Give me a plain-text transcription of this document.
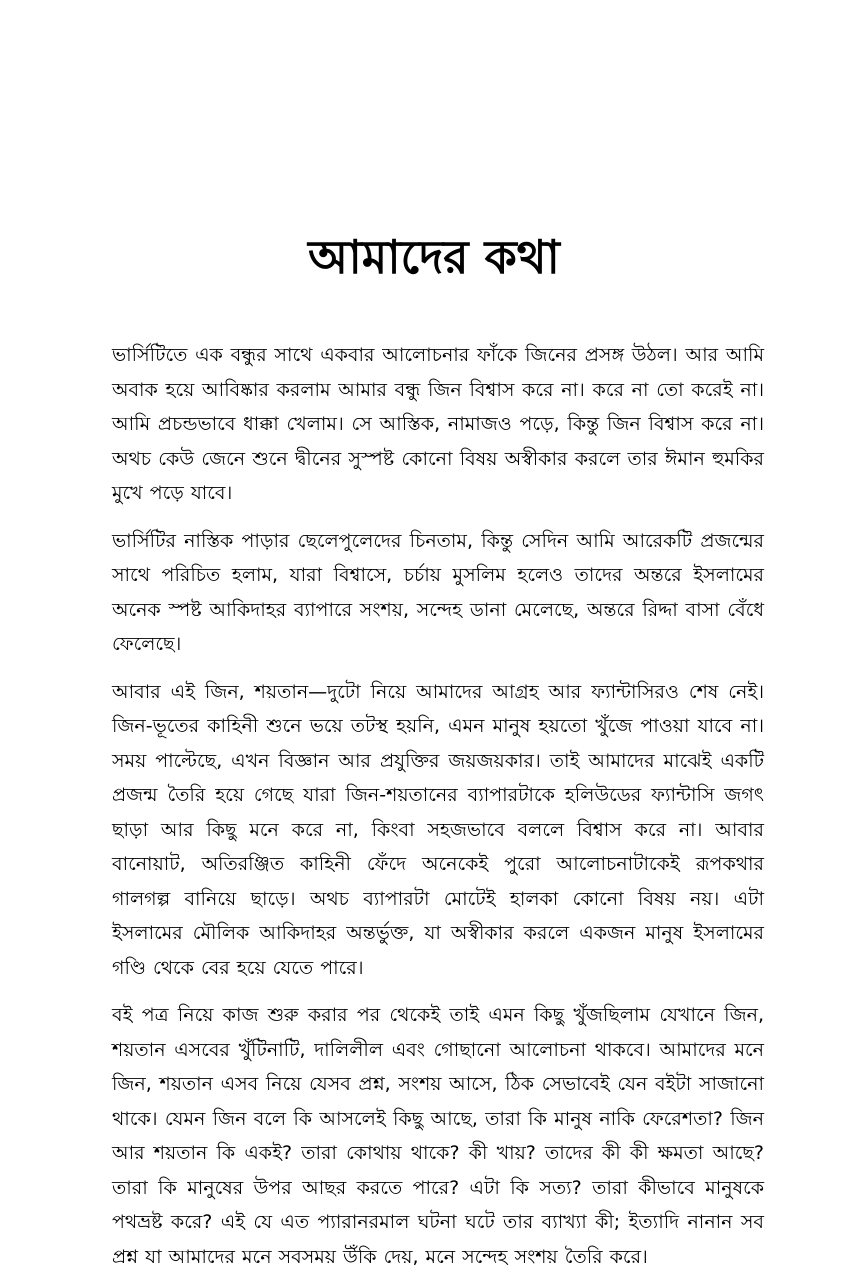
আমাদের কথা

ভার্সিটিতে এক বন্ধুর সাথে একবার আলোচনার ফাঁকে জিনের প্রসঙ্গ উঠল। আর আমি অবাক হয়ে আবিষ্কার করলাম আমার বন্ধু জিন বিশ্বাস করে না। করে না তো করেই না। আমি প্রচন্ডভাবে ধাক্কা খেলাম। সে আস্তিক, নামাজও পড়ে, কিন্তু জিন বিশ্বাস করে না। অথচ কেউ জেনে শুনে দ্বীনের সুস্পষ্ট কোনো বিষয় অস্বীকার করলে তার ঈমান হুমকির মুখে পড়ে যাবে।

ভার্সিটির নাস্তিক পাড়ার ছেলেপুলেদের চিনতাম, কিন্তু সেদিন আমি আরেকটি প্রজন্মের সাথে পরিচিত হলাম, যারা বিশ্বাসে, চর্চায় মুসলিম হলেও তাদের অন্তরে ইসলামের অনেক স্পষ্ট আকিদাহর ব্যাপারে সংশয়, সন্দেহ ডানা মেলেছে, অন্তরে রিদ্দা বাসা বেঁধে ফেলেছে।

আবার এই জিন, শয়তান—দুটো নিয়ে আমাদের আগ্রহ আর ফ্যান্টাসিরও শেষ নেই। জিন-ভূতের কাহিনী শুনে ভয়ে তটস্থ হয়নি, এমন মানুষ হয়তো খুঁজে পাওয়া যাবে না। সময় পাল্টেছে, এখন বিজ্ঞান আর প্রযুক্তির জয়জয়কার। তাই আমাদের মাঝেই একটি প্রজন্ম তৈরি হয়ে গেছে যারা জিন-শয়তানের ব্যাপারটাকে হলিউডের ফ্যান্টাসি জগৎ ছাড়া আর কিছু মনে করে না, কিংবা সহজভাবে বললে বিশ্বাস করে না। আবার বানোয়াট, অতিরঞ্জিত কাহিনী ফেঁদে অনেকেই পুরো আলোচনাটাকেই রূপকথার গালগল্প বানিয়ে ছাড়ে। অথচ ব্যাপারটা মোটেই হালকা কোনো বিষয় নয়। এটা ইসলামের মৌলিক আকিদাহর অন্তর্ভুক্ত, যা অস্বীকার করলে একজন মানুষ ইসলামের গণ্ডি থেকে বের হয়ে যেতে পারে।

বই পত্র নিয়ে কাজ শুরু করার পর থেকেই তাই এমন কিছু খুঁজছিলাম যেখানে জিন, শয়তান এসবের খুঁটিনাটি, দালিলীল এবং গোছানো আলোচনা থাকবে। আমাদের মনে জিন, শয়তান এসব নিয়ে যেসব প্রশ্ন, সংশয় আসে, ঠিক সেভাবেই যেন বইটা সাজানো থাকে। যেমন জিন বলে কি আসলেই কিছু আছে, তারা কি মানুষ নাকি ফেরেশতা? জিন আর শয়তান কি একই? তারা কোথায় থাকে? কী খায়? তাদের কী কী ক্ষমতা আছে? তারা কি মানুষের উপর আছর করতে পারে? এটা কি সত্য? তারা কীভাবে মানুষকে পথভ্রষ্ট করে? এই যে এত প্যারানরমাল ঘটনা ঘটে তার ব্যাখ্যা কী; ইত্যাদি নানান সব প্রশ্ন যা আমাদের মনে সবসময় উঁকি দেয়, মনে সন্দেহ সংশয় তৈরি করে।
